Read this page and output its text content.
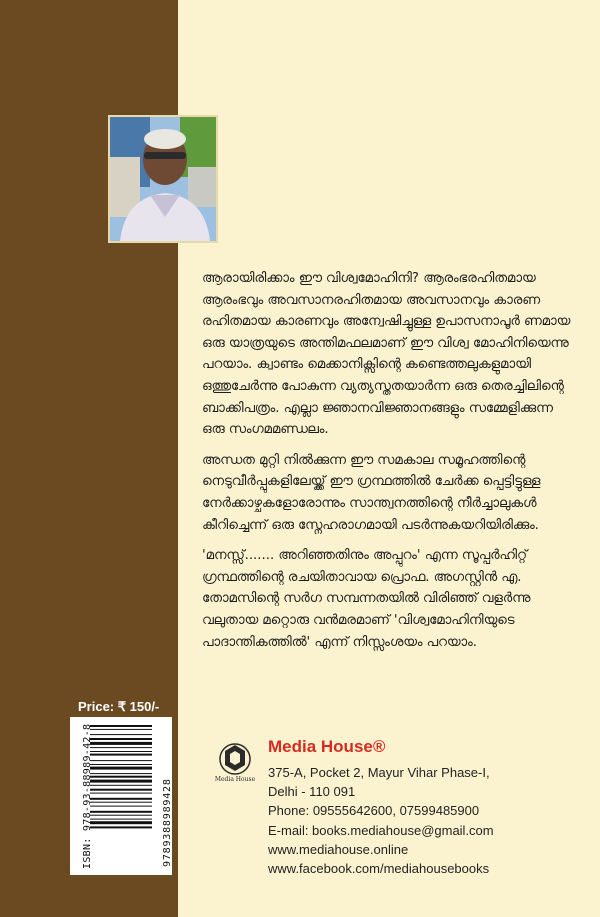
ആരായിരിക്കാം ഈ വിശ്വമോഹിനി? ആരംഭരഹിതമായ ആരംഭവും അവസാനരഹിതമായ അവസാനവും കാരണ രഹിതമായ കാരണവും അന്വേഷിച്ചുള്ള ഉപാസനാപൂർ ണമായ ഒരു യാത്രയുടെ അന്തിമഫലമാണ് ഈ വിശ്വ മോഹിനിയെന്നു പറയാം. ക്വാണ്ടം മെക്കാനിക്സിന്റെ കണ്ടെത്തലുകളുമായി ഒത്തുചേർന്നു പോകുന്ന വ്യത്യസ്തതയാർന്ന ഒരു തെരച്ചിലിന്റെ ബാക്കിപത്രം. എല്ലാ ജ്ഞാനവിജ്ഞാനങ്ങളും സമ്മേളിക്കുന്ന ഒരു സംഗമമണ്ഡലം.

അന്ധത മുറ്റി നിൽക്കുന്ന ഈ സമകാല സമൂഹത്തിന്റെ നെടുവീർപ്പുകളിലേയ്ക്ക് ഈ ഗ്രന്ഥത്തിൽ ചേർക്ക പ്പെട്ടിട്ടുള്ള നേർക്കാഴ്ചകളോരോന്നും സാന്ത്വനത്തിന്റെ നീർച്ചാലുകൾ കീറിച്ചെന്ന് ഒരു സ്നേഹരാഗമായി പടർന്നുകയറിയിരിക്കും.

'മനസ്സ്....... അറിഞ്ഞതിനും അപ്പുറം' എന്ന സൂപ്പർഹിറ്റ് ഗ്രന്ഥത്തിന്റെ രചയിതാവായ പ്രൊഫ. അഗസ്റ്റിൻ എ. തോമസിന്റെ സർഗ സമ്പന്നതയിൽ വിരിഞ്ഞ് വളർന്നു വലുതായ മറ്റൊരു വൻമരമാണ് 'വിശ്വമോഹിനിയുടെ പാദാന്തികത്തിൽ' എന്ന് നിസ്സംശയം പറയാം.

Price: ₹ 150/-
ISBN: 978-93-88989-42-8	9789388989428	Media House
Media House®
375-A, Pocket 2, Mayur Vihar Phase-I,
Delhi - 110 091
Phone: 09555642600, 07599485900
E-mail: books.mediahouse@gmail.com
www.mediahouse.online
www.facebook.com/mediahousebooks
